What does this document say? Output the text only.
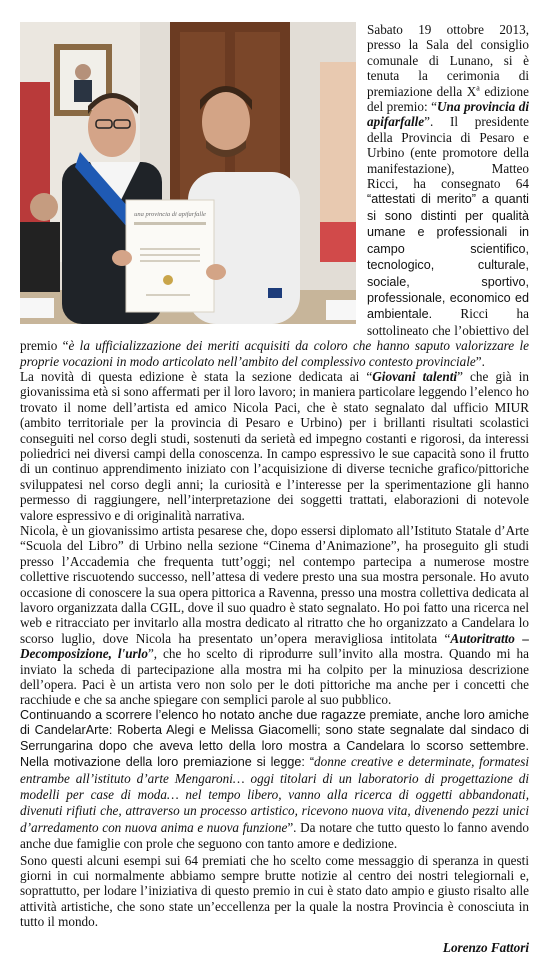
una provincia di apifarfalle

Sabato 19 ottobre 2013, presso la Sala del consiglio comunale di Lunano, si è tenuta la cerimonia di premiazione della $X^a$ edizione del premio: “Una provincia di apifarfalle”. Il presidente della Provincia di Pesaro e Urbino (ente promotore della manifestazione), Matteo Ricci, ha consegnato 64 “attestati di merito” a quanti si sono distinti per qualità umane e professionali in campo scientifico, tecnologico, culturale, sociale, sportivo, professionale, economico ed ambientale. Ricci ha sottolineato che l’obiettivo del premio “è la ufficializzazione dei meriti acquisiti da coloro che hanno saputo valorizzare le proprie vocazioni in modo articolato nell’ambito del complessivo contesto provinciale”.

La novità di questa edizione è stata la sezione dedicata ai “Giovani talenti” che già in giovanissima età si sono affermati per il loro lavoro; in maniera particolare leggendo l’elenco ho trovato il nome dell’artista ed amico Nicola Paci, che è stato segnalato dal ufficio MIUR (ambito territoriale per la provincia di Pesaro e Urbino) per i brillanti risultati scolastici conseguiti nel corso degli studi, sostenuti da serietà ed impegno costanti e rigorosi, da interessi poliedrici nei diversi campi della conoscenza. In campo espressivo le sue capacità sono il frutto di un continuo apprendimento iniziato con l’acquisizione di diverse tecniche grafico/pittoriche sviluppatesi nel corso degli anni; la curiosità e l’interesse per la sperimentazione gli hanno permesso di raggiungere, nell’interpretazione dei soggetti trattati, elaborazioni di notevole valore espressivo e di originalità narrativa.

Nicola, è un giovanissimo artista pesarese che, dopo essersi diplomato all’Istituto Statale d’Arte “Scuola del Libro” di Urbino nella sezione “Cinema d’Animazione”, ha proseguito gli studi presso l’Accademia che frequenta tutt’oggi; nel contempo partecipa a numerose mostre collettive riscuotendo successo, nell’attesa di vedere presto una sua mostra personale. Ho avuto occasione di conoscere la sua opera pittorica a Ravenna, presso una mostra collettiva dedicata al lavoro organizzata dalla CGIL, dove il suo quadro è stato segnalato. Ho poi fatto una ricerca nel web e ritracciato per invitarlo alla mostra dedicato al ritratto che ho organizzato a Candelara lo scorso luglio, dove Nicola ha presentato un’opera meravigliosa intitolata “Autoritratto – Decomposizione, l'urlo”, che ho scelto di riprodurre sull’invito alla mostra. Quando mi ha inviato la scheda di partecipazione alla mostra mi ha colpito per la minuziosa descrizione dell’opera. Paci è un artista vero non solo per le doti pittoriche ma anche per i concetti che racchiude e che sa anche spiegare con semplici parole al suo pubblico.

Continuando a scorrere l’elenco ho notato anche due ragazze premiate, anche loro amiche di CandelarArte: Roberta Alegi e Melissa Giacomelli; sono state segnalate dal sindaco di Serrungarina dopo che aveva letto della loro mostra a Candelara lo scorso settembre. Nella motivazione della loro premiazione si legge: “donne creative e determinate, formatesi entrambe all’istituto d’arte Mengaroni… oggi titolari di un laboratorio di progettazione di modelli per case di moda… nel tempo libero, vanno alla ricerca di oggetti abbandonati, divenuti rifiuti che, attraverso un processo artistico, ricevono nuova vita, divenendo pezzi unici d’arredamento con nuova anima e nuova funzione”. Da notare che tutto questo lo fanno avendo anche due famiglie con prole che seguono con tanto amore e dedizione.

Sono questi alcuni esempi sui 64 premiati che ho scelto come messaggio di speranza in questi giorni in cui normalmente abbiamo sempre brutte notizie al centro dei nostri telegiornali e, soprattutto, per lodare l’iniziativa di questo premio in cui è stato dato ampio e giusto risalto alle attività artistiche, che sono state un’eccellenza per la quale la nostra Provincia è conosciuta in tutto il mondo.

Lorenzo Fattori
